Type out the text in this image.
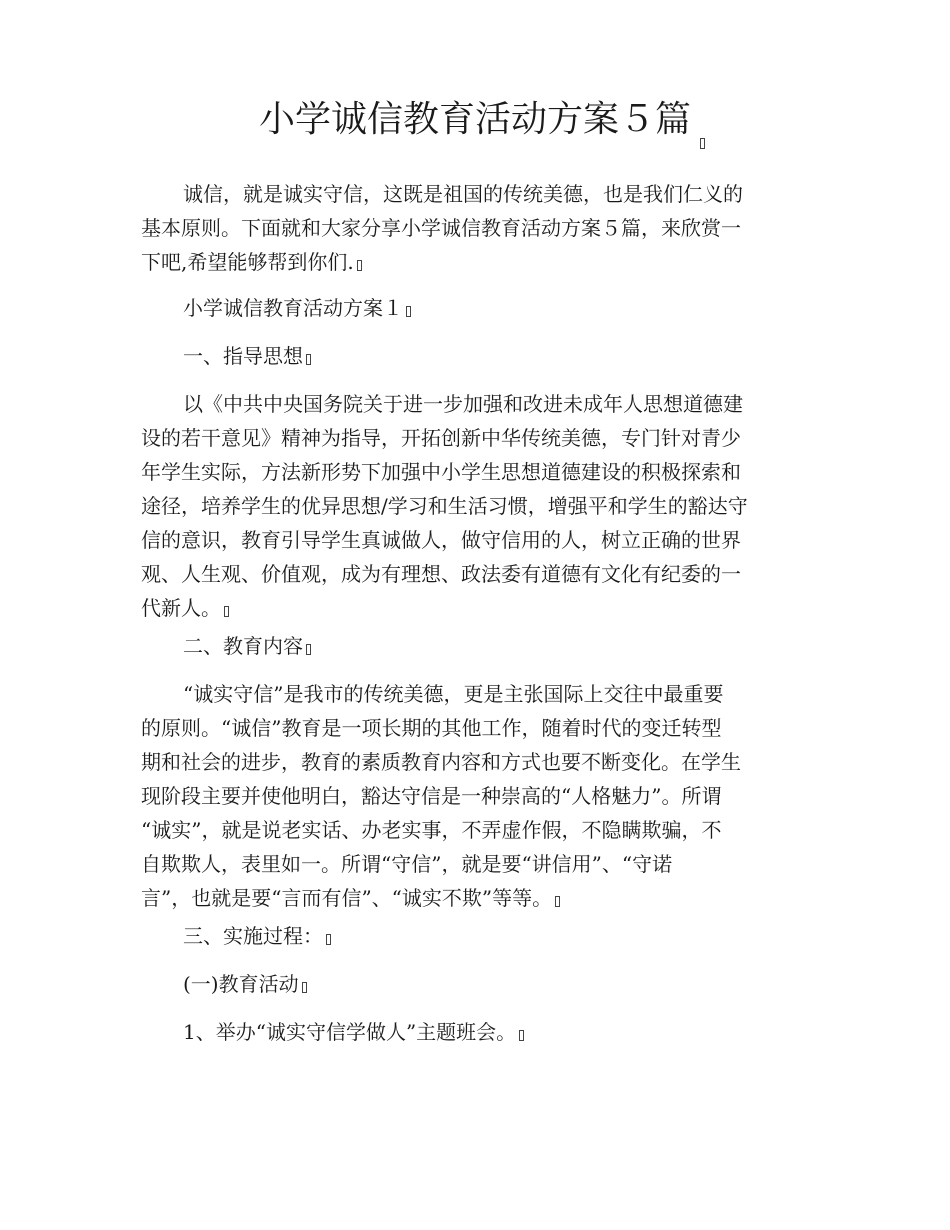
小学诚信教育活动方案５篇
诚信，就是诚实守信，这既是祖国的传统美德，也是我们仁义的
基本原则。下面就和大家分享小学诚信教育活动方案５篇，来欣赏一
下吧,希望能够帮到你们.
小学诚信教育活动方案１
一、指导思想
以《中共中央国务院关于进一步加强和改进未成年人思想道德建
设的若干意见》精神为指导，开拓创新中华传统美德，专门针对青少
年学生实际，方法新形势下加强中小学生思想道德建设的积极探索和
途径，培养学生的优异思想/学习和生活习惯，增强平和学生的豁达守
信的意识，教育引导学生真诚做人，做守信用的人，树立正确的世界
观、人生观、价值观，成为有理想、政法委有道德有文化有纪委的一
代新人。
二、教育内容
“诚实守信”是我市的传统美德，更是主张国际上交往中最重要
的原则。“诚信”教育是一项长期的其他工作，随着时代的变迁转型
期和社会的进步，教育的素质教育内容和方式也要不断变化。在学生
现阶段主要并使他明白，豁达守信是一种崇高的“人格魅力”。所谓
“诚实”，就是说老实话、办老实事，不弄虚作假，不隐瞒欺骗，不
自欺欺人，表里如一。所谓“守信”，就是要“讲信用”、“守诺
言”，也就是要“言而有信”、“诚实不欺”等等。
三、实施过程：
(一)教育活动
1、举办“诚实守信学做人”主题班会。
